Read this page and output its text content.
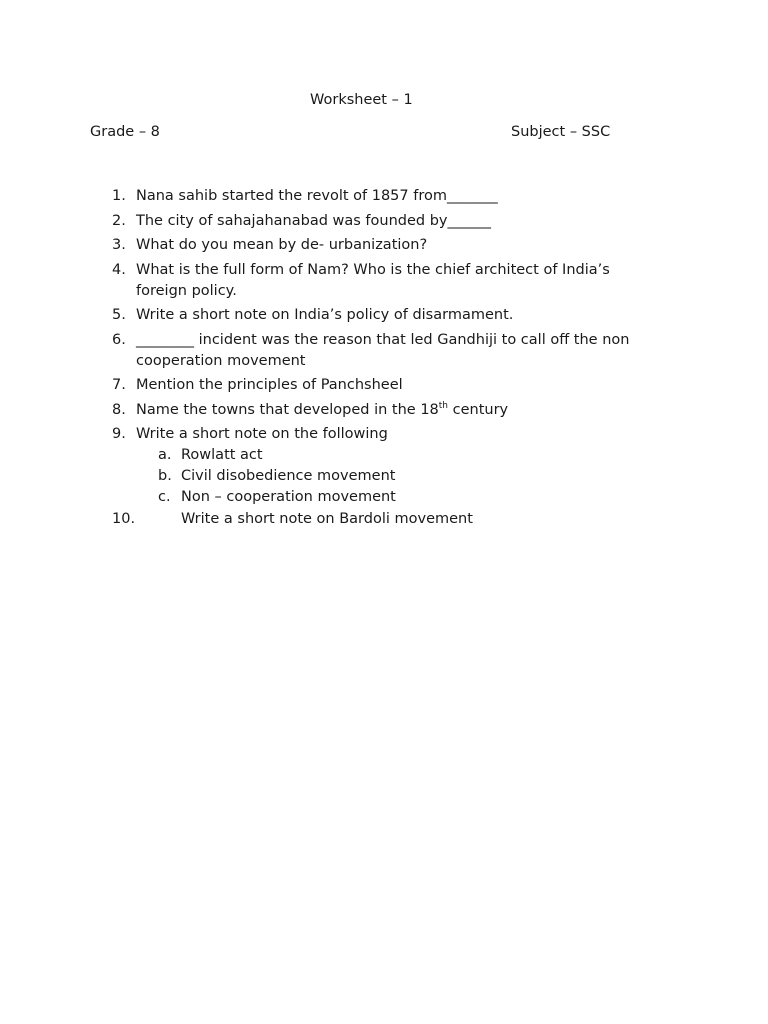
Worksheet – 1
Grade – 8	Subject – SSC
1. Nana sahib started the revolt of 1857 from_______
2. The city of sahajahanabad was founded by______
3. What do you mean by de- urbanization?
4. What is the full form of Nam? Who is the chief architect of India’s foreign policy.
5. Write a short note on India’s policy of disarmament.
6. ________ incident was the reason that led Gandhiji to call off the non cooperation movement
7. Mention the principles of Panchsheel
8. Name the towns that developed in the 18th century
9. Write a short note on the following
a. Rowlatt act
b. Civil disobedience movement
c. Non – cooperation movement
10.	Write a short note on Bardoli movement
